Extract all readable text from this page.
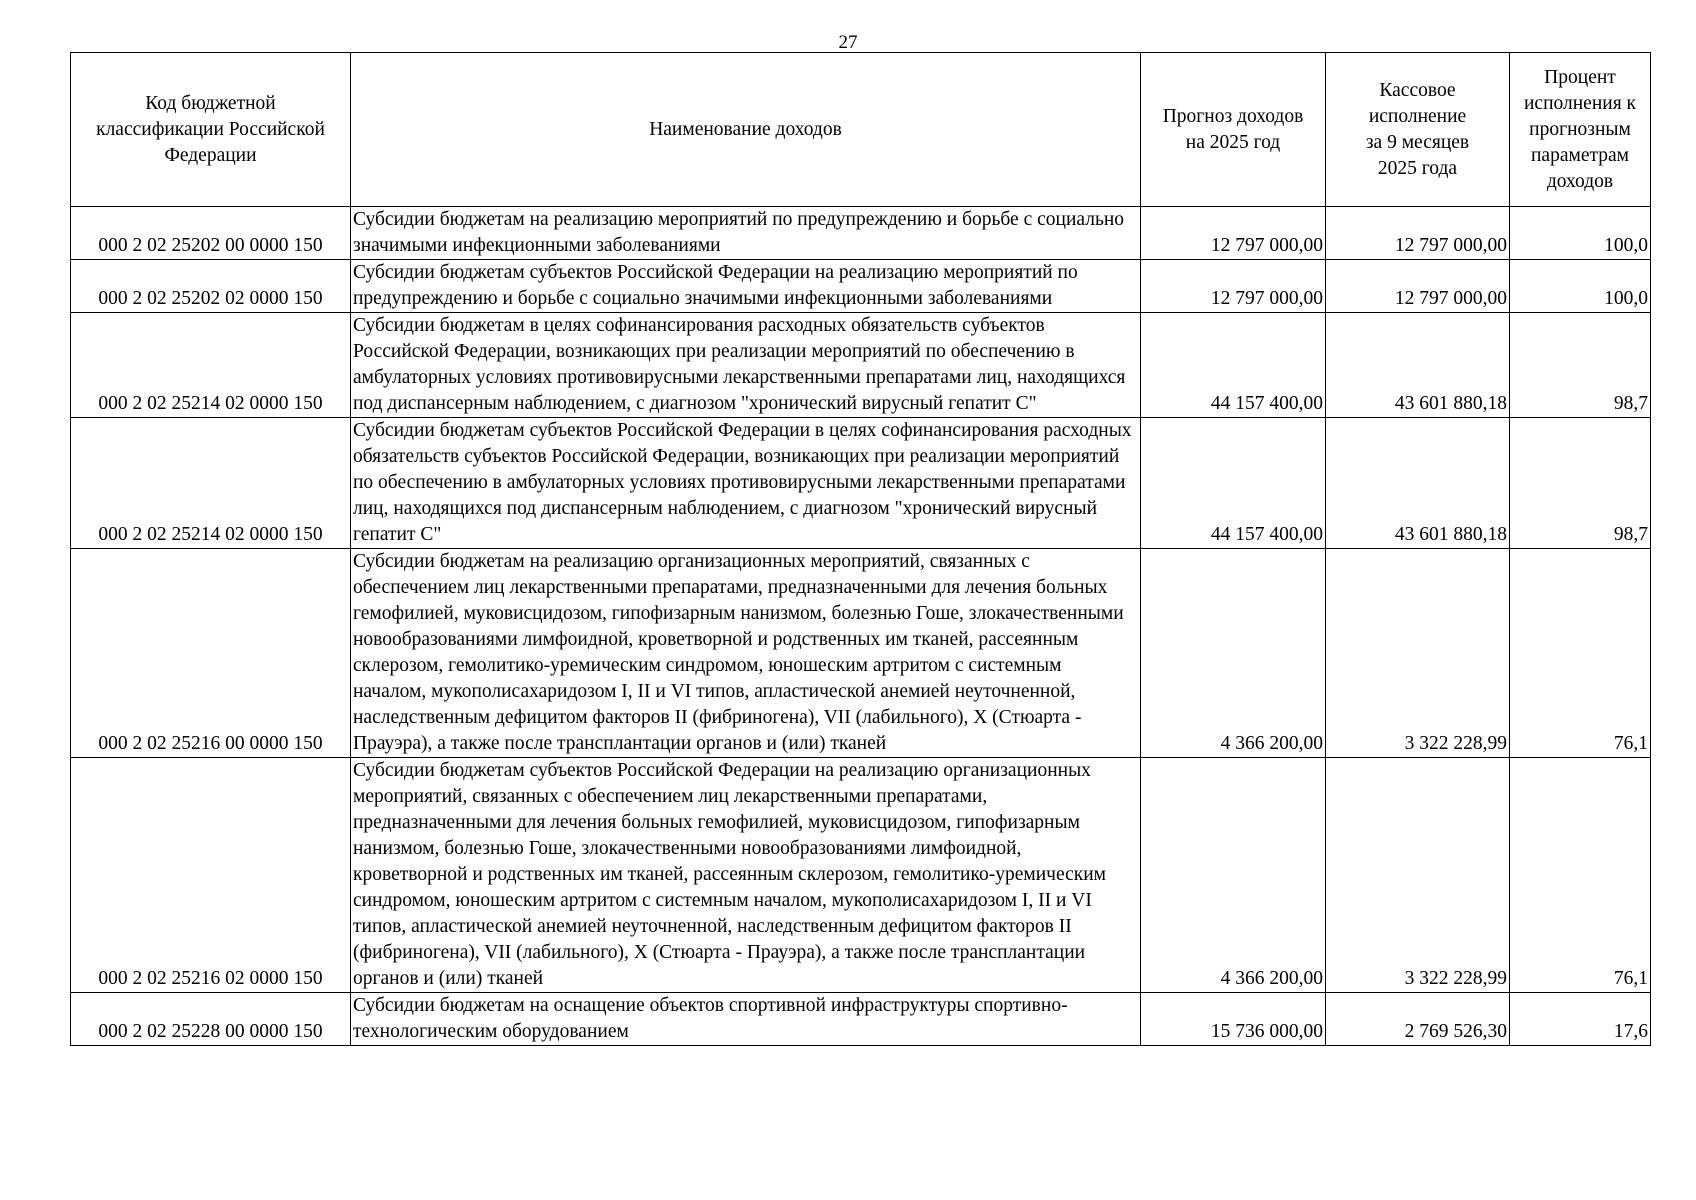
27
Код бюджетной классификации Российской Федерации	Наименование доходов	Прогноз доходов на 2025 год	Кассовое исполнение за 9 месяцев 2025 года	Процент исполнения к прогнозным параметрам доходов
000 2 02 25202 00 0000 150	Субсидии бюджетам на реализацию мероприятий по предупреждению и борьбе с социально значимыми инфекционными заболеваниями	12 797 000,00	12 797 000,00	100,0
000 2 02 25202 02 0000 150	Субсидии бюджетам субъектов Российской Федерации на реализацию мероприятий по предупреждению и борьбе с социально значимыми инфекционными заболеваниями	12 797 000,00	12 797 000,00	100,0
000 2 02 25214 02 0000 150	Субсидии бюджетам в целях софинансирования расходных обязательств субъектов Российской Федерации, возникающих при реализации мероприятий по обеспечению в амбулаторных условиях противовирусными лекарственными препаратами лиц, находящихся под диспансерным наблюдением, с диагнозом "хронический вирусный гепатит C"	44 157 400,00	43 601 880,18	98,7
000 2 02 25214 02 0000 150	Субсидии бюджетам субъектов Российской Федерации в целях софинансирования расходных обязательств субъектов Российской Федерации, возникающих при реализации мероприятий по обеспечению в амбулаторных условиях противовирусными лекарственными препаратами лиц, находящихся под диспансерным наблюдением, с диагнозом "хронический вирусный гепатит C"	44 157 400,00	43 601 880,18	98,7
000 2 02 25216 00 0000 150	Субсидии бюджетам на реализацию организационных мероприятий, связанных с обеспечением лиц лекарственными препаратами, предназначенными для лечения больных гемофилией, муковисцидозом, гипофизарным нанизмом, болезнью Гоше, злокачественными новообразованиями лимфоидной, кроветворной и родственных им тканей, рассеянным склерозом, гемолитико-уремическим синдромом, юношеским артритом с системным началом, мукополисахаридозом I, II и VI типов, апластической анемией неуточненной, наследственным дефицитом факторов II (фибриногена), VII (лабильного), X (Стюарта - Прауэра), а также после трансплантации органов и (или) тканей	4 366 200,00	3 322 228,99	76,1
000 2 02 25216 02 0000 150	Субсидии бюджетам субъектов Российской Федерации на реализацию организационных мероприятий, связанных с обеспечением лиц лекарственными препаратами, предназначенными для лечения больных гемофилией, муковисцидозом, гипофизарным нанизмом, болезнью Гоше, злокачественными новообразованиями лимфоидной, кроветворной и родственных им тканей, рассеянным склерозом, гемолитико-уремическим синдромом, юношеским артритом с системным началом, мукополисахаридозом I, II и VI типов, апластической анемией неуточненной, наследственным дефицитом факторов II (фибриногена), VII (лабильного), X (Стюарта - Прауэра), а также после трансплантации органов и (или) тканей	4 366 200,00	3 322 228,99	76,1
000 2 02 25228 00 0000 150	Субсидии бюджетам на оснащение объектов спортивной инфраструктуры спортивно-технологическим оборудованием	15 736 000,00	2 769 526,30	17,6
